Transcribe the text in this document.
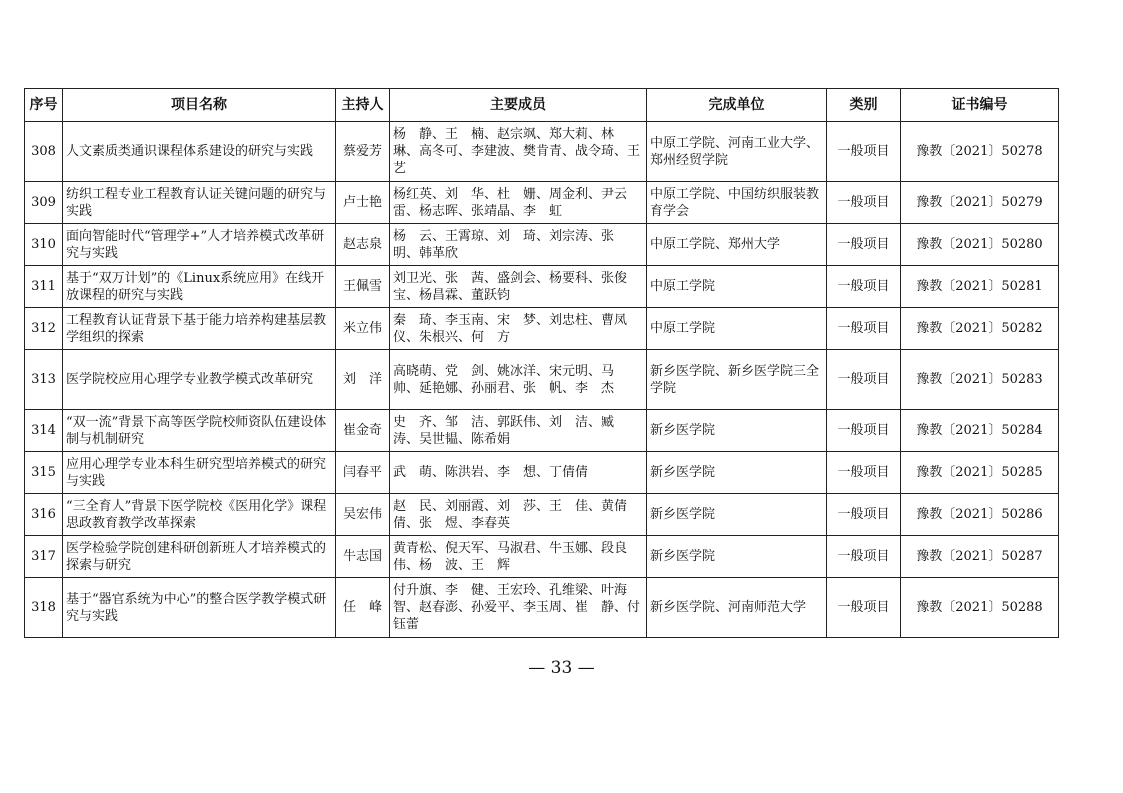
序号	项目名称	主持人	主要成员	完成单位	类别	证书编号
308	人文素质类通识课程体系建设的研究与实践	蔡爱芳	杨　静、王　楠、赵宗飒、郑大莉、林　琳、高冬可、李建波、樊肯青、战令琦、王　艺	中原工学院、河南工业大学、郑州经贸学院	一般项目	豫教〔2021〕50278
309	纺织工程专业工程教育认证关键问题的研究与实践	卢士艳	杨红英、刘　华、杜　姗、周金利、尹云雷、杨志晖、张靖晶、李　虹	中原工学院、中国纺织服装教育学会	一般项目	豫教〔2021〕50279
310	面向智能时代“管理学+”人才培养模式改革研究与实践	赵志泉	杨　云、王霄琼、刘　琦、刘宗涛、张　明、韩革欣	中原工学院、郑州大学	一般项目	豫教〔2021〕50280
311	基于“双万计划”的《Linux系统应用》在线开放课程的研究与实践	王佩雪	刘卫光、张　茜、盛剑会、杨要科、张俊宝、杨昌霖、董跃钧	中原工学院	一般项目	豫教〔2021〕50281
312	工程教育认证背景下基于能力培养构建基层教学组织的探索	米立伟	秦　琦、李玉南、宋　梦、刘忠柱、曹凤仪、朱根兴、何　方	中原工学院	一般项目	豫教〔2021〕50282
313	医学院校应用心理学专业教学模式改革研究	刘　洋	高晓萌、党　剑、姚冰洋、宋元明、马　帅、延艳娜、孙丽君、张　帆、李　杰	新乡医学院、新乡医学院三全学院	一般项目	豫教〔2021〕50283
314	“双一流”背景下高等医学院校师资队伍建设体制与机制研究	崔金奇	史　齐、邹　洁、郭跃伟、刘　洁、臧　涛、吴世韫、陈希娟	新乡医学院	一般项目	豫教〔2021〕50284
315	应用心理学专业本科生研究型培养模式的研究与实践	闫春平	武　萌、陈洪岩、李　想、丁倩倩	新乡医学院	一般项目	豫教〔2021〕50285
316	“三全育人”背景下医学院校《医用化学》课程思政教育教学改革探索	吴宏伟	赵　民、刘丽霞、刘　莎、王　佳、黄倩倩、张　煜、李春英	新乡医学院	一般项目	豫教〔2021〕50286
317	医学检验学院创建科研创新班人才培养模式的探索与研究	牛志国	黄青松、倪天军、马淑君、牛玉娜、段良伟、杨　波、王　辉	新乡医学院	一般项目	豫教〔2021〕50287
318	基于“器官系统为中心”的整合医学教学模式研究与实践	任　峰	付升旗、李　健、王宏玲、孔维梁、叶海智、赵春澎、孙爱平、李玉周、崔　静、付钰蕾	新乡医学院、河南师范大学	一般项目	豫教〔2021〕50288
— 33 —
